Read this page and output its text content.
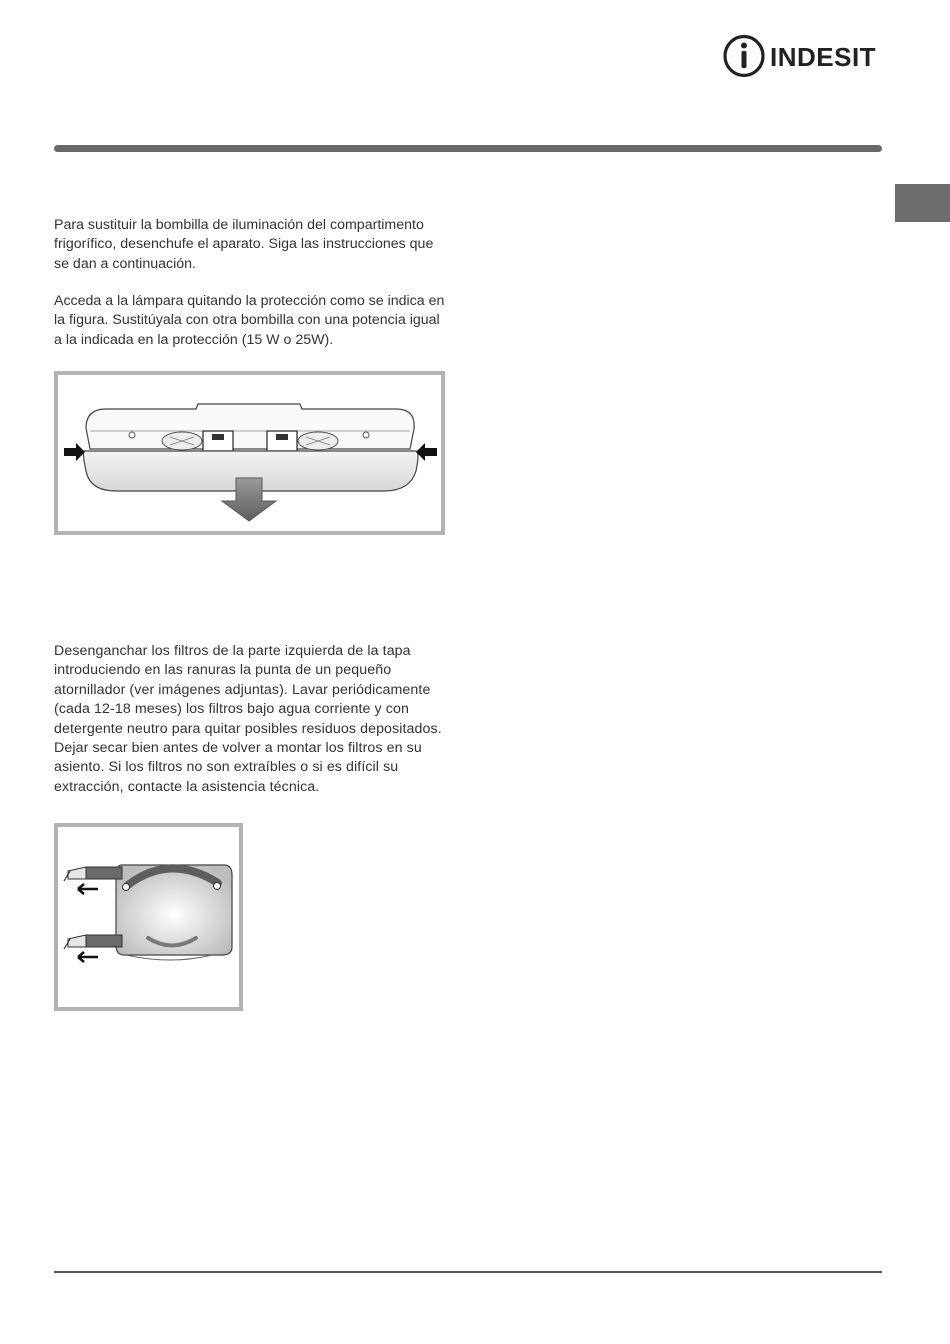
INDESIT

Para sustituir la bombilla de iluminación del compartimento frigorífico, desenchufe el aparato. Siga las instrucciones que se dan a continuación.

Acceda a la lámpara quitando la protección como se indica en la figura. Sustitúyala con otra bombilla con una potencia igual a la indicada en la protección (15 W o 25W).

Desenganchar los filtros de la parte izquierda de la tapa introduciendo en las ranuras la punta de un pequeño atornillador (ver imágenes adjuntas). Lavar periódicamente (cada 12-18 meses) los filtros bajo agua corriente y con detergente neutro para quitar posibles residuos depositados. Dejar secar bien antes de volver a montar los filtros en su asiento. Si los filtros no son extraíbles o si es difícil su extracción, contacte la asistencia técnica.
